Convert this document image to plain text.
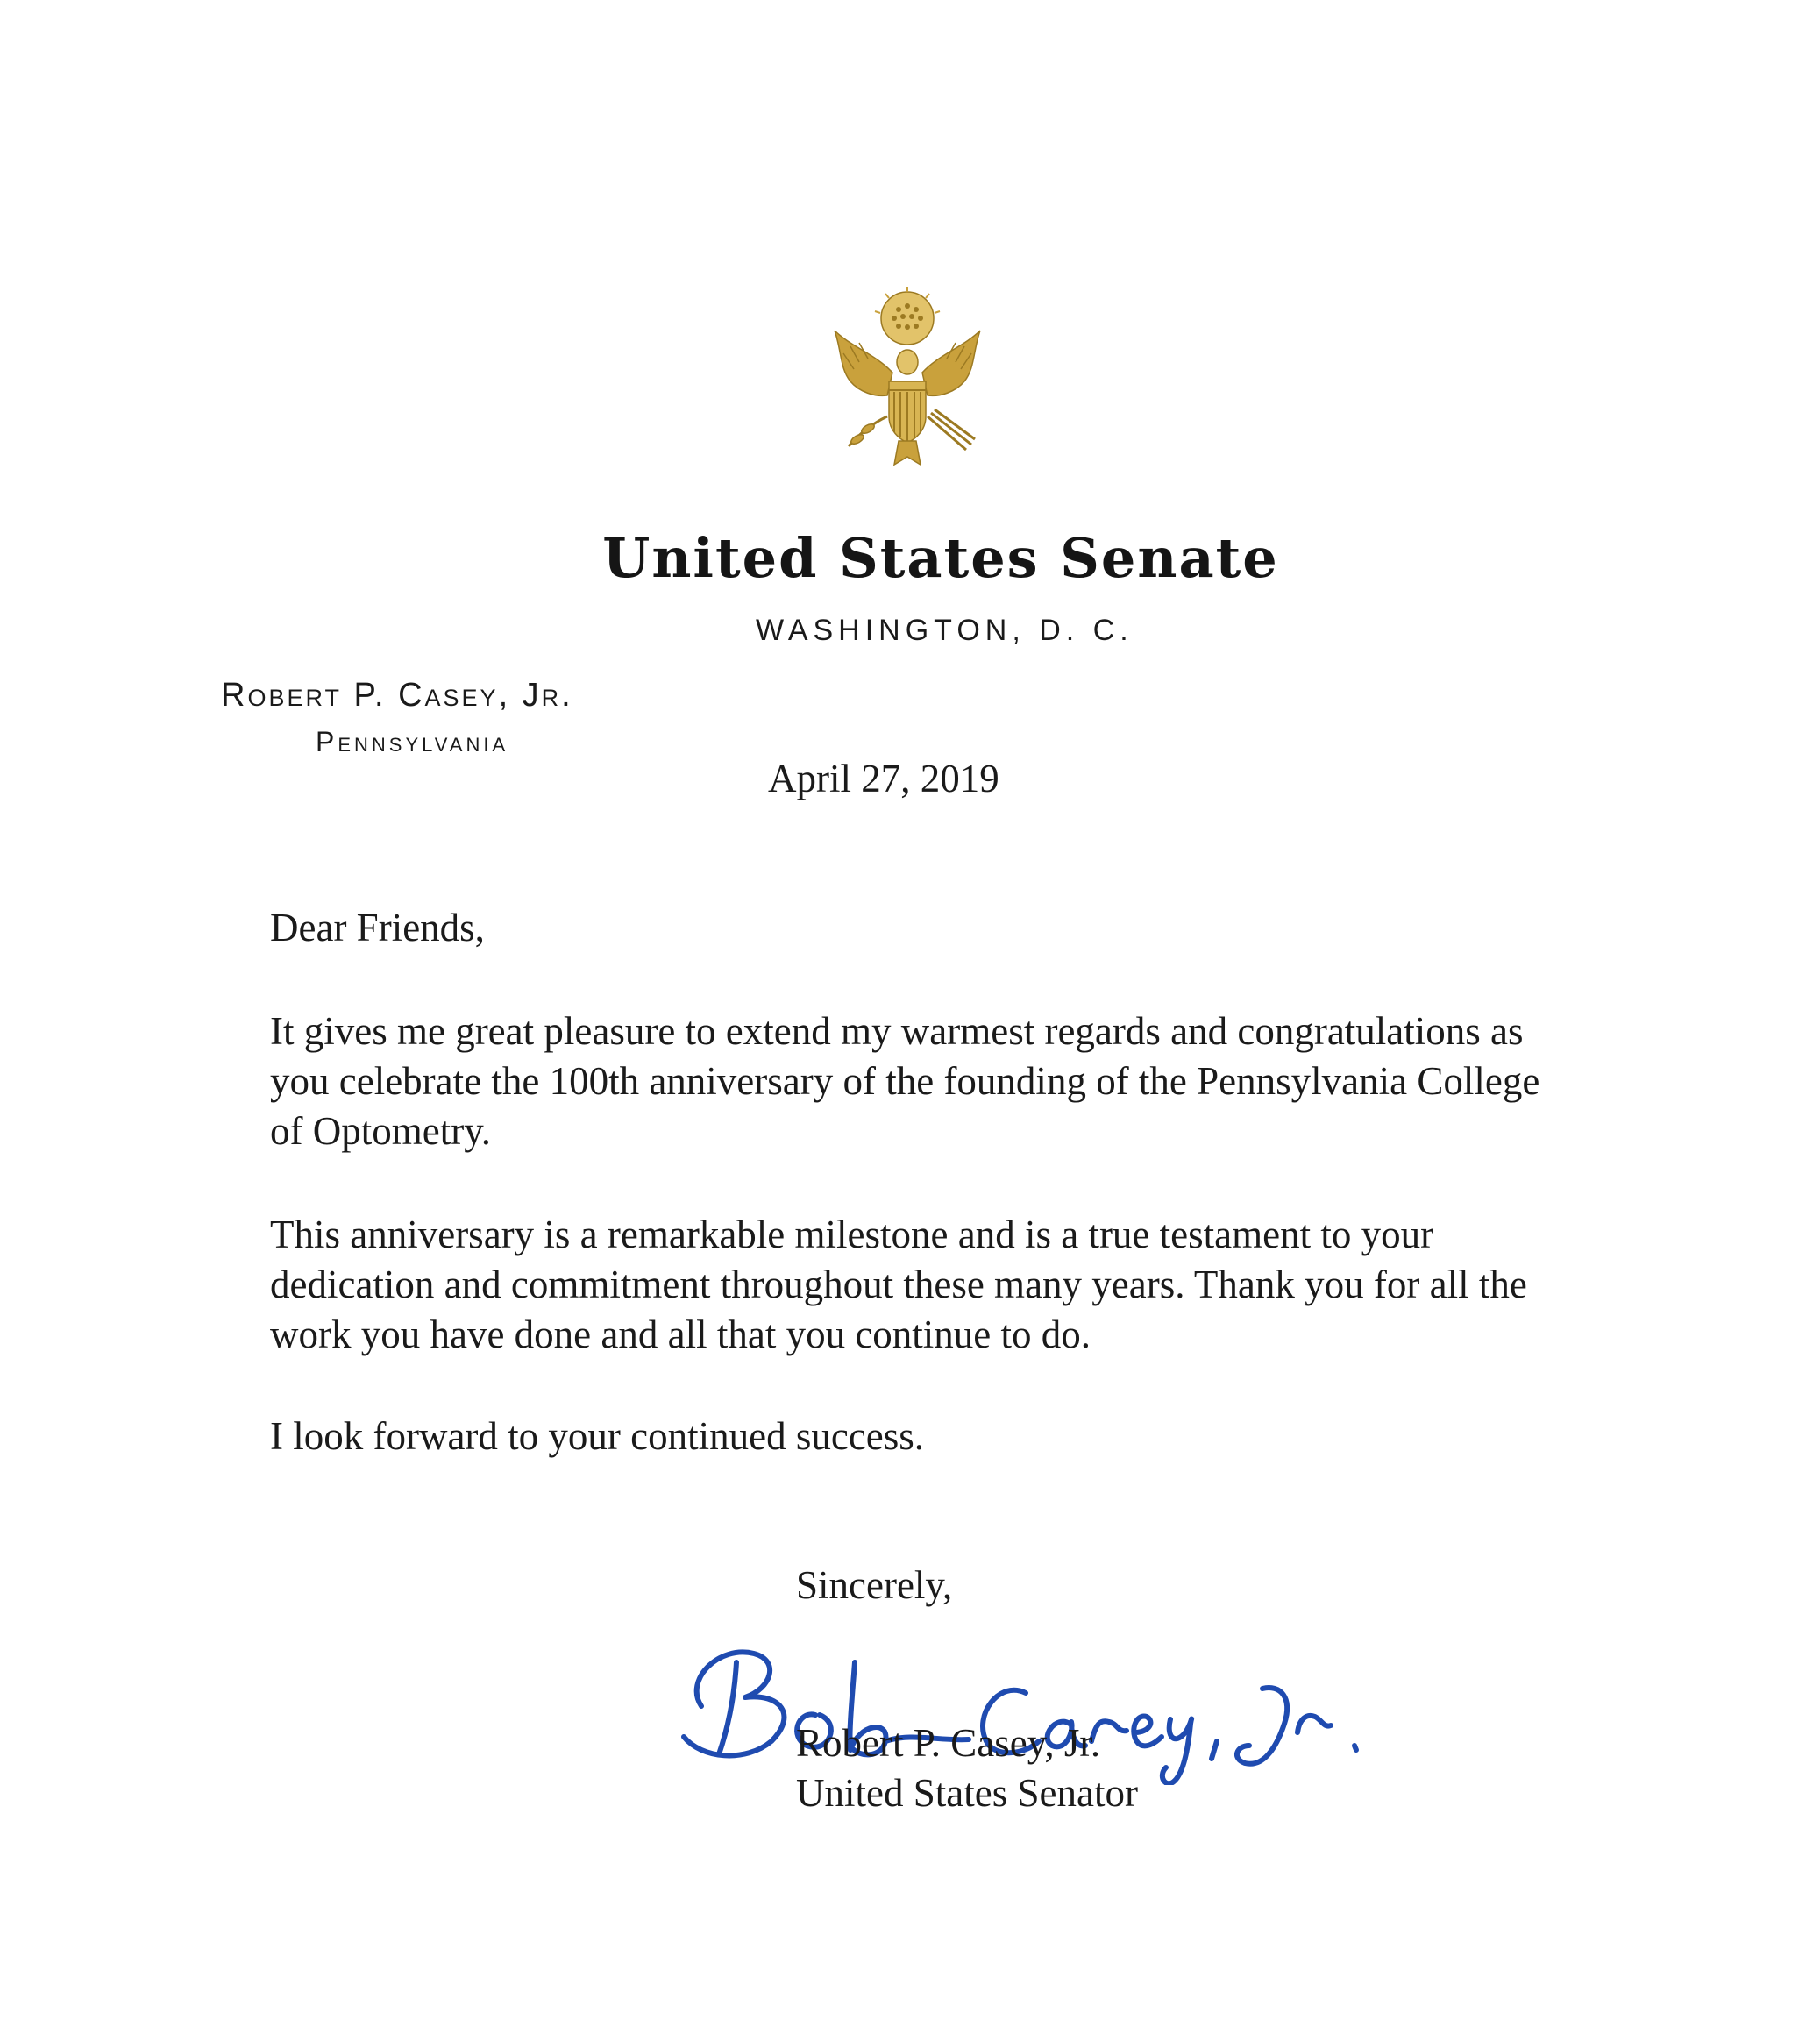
United States Senate
WASHINGTON, D. C.
Robert P. Casey, Jr.
Pennsylvania
April 27, 2019

Dear Friends,

It gives me great pleasure to extend my warmest regards and congratulations as you celebrate the 100th anniversary of the founding of the Pennsylvania College of Optometry.

This anniversary is a remarkable milestone and is a true testament to your dedication and commitment throughout these many years. Thank you for all the work you have done and all that you continue to do.

I look forward to your continued success.

Sincerely,
Robert P. Casey, Jr.
United States Senator
